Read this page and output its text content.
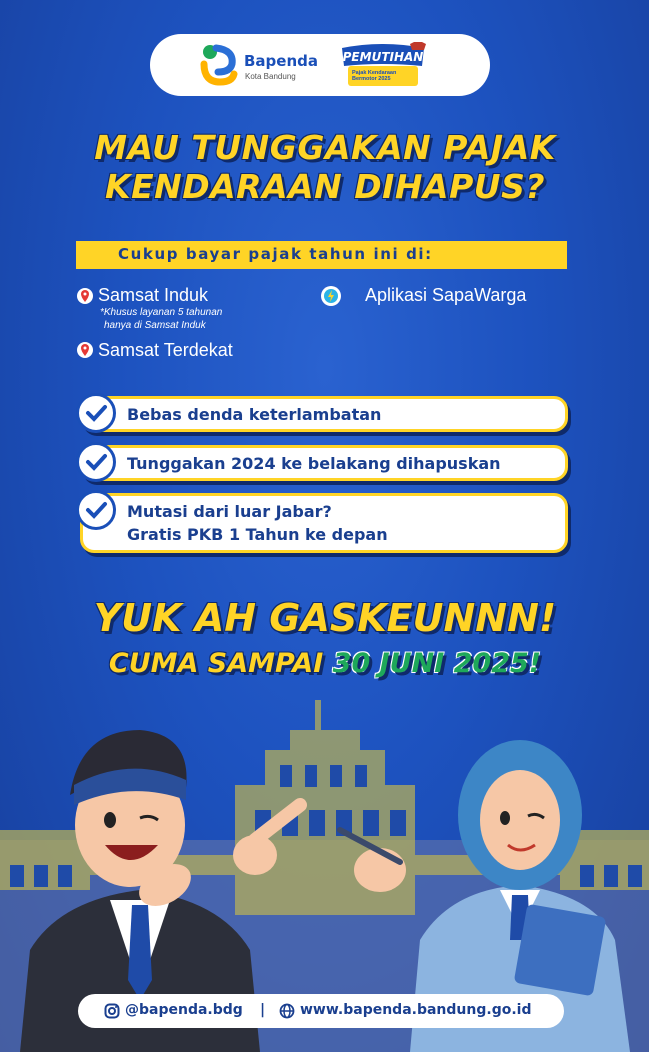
Bapenda
Kota Bandung
PEMUTIHAN
Pajak Kendaraan Bermotor 2025
MAU TUNGGAKAN PAJAK
KENDARAAN DIHAPUS?
Cukup bayar pajak tahun ini di:
Samsat Induk
*Khusus layanan 5 tahunan
hanya di Samsat Induk
Samsat Terdekat
Aplikasi SapaWarga
Bebas denda keterlambatan
Tunggakan 2024 ke belakang dihapuskan
Mutasi dari luar Jabar?
Gratis PKB 1 Tahun ke depan
YUK AH GASKEUNNN!
CUMA SAMPAI 30 JUNI 2025!
@bapenda.bdg | www.bapenda.bandung.go.id
